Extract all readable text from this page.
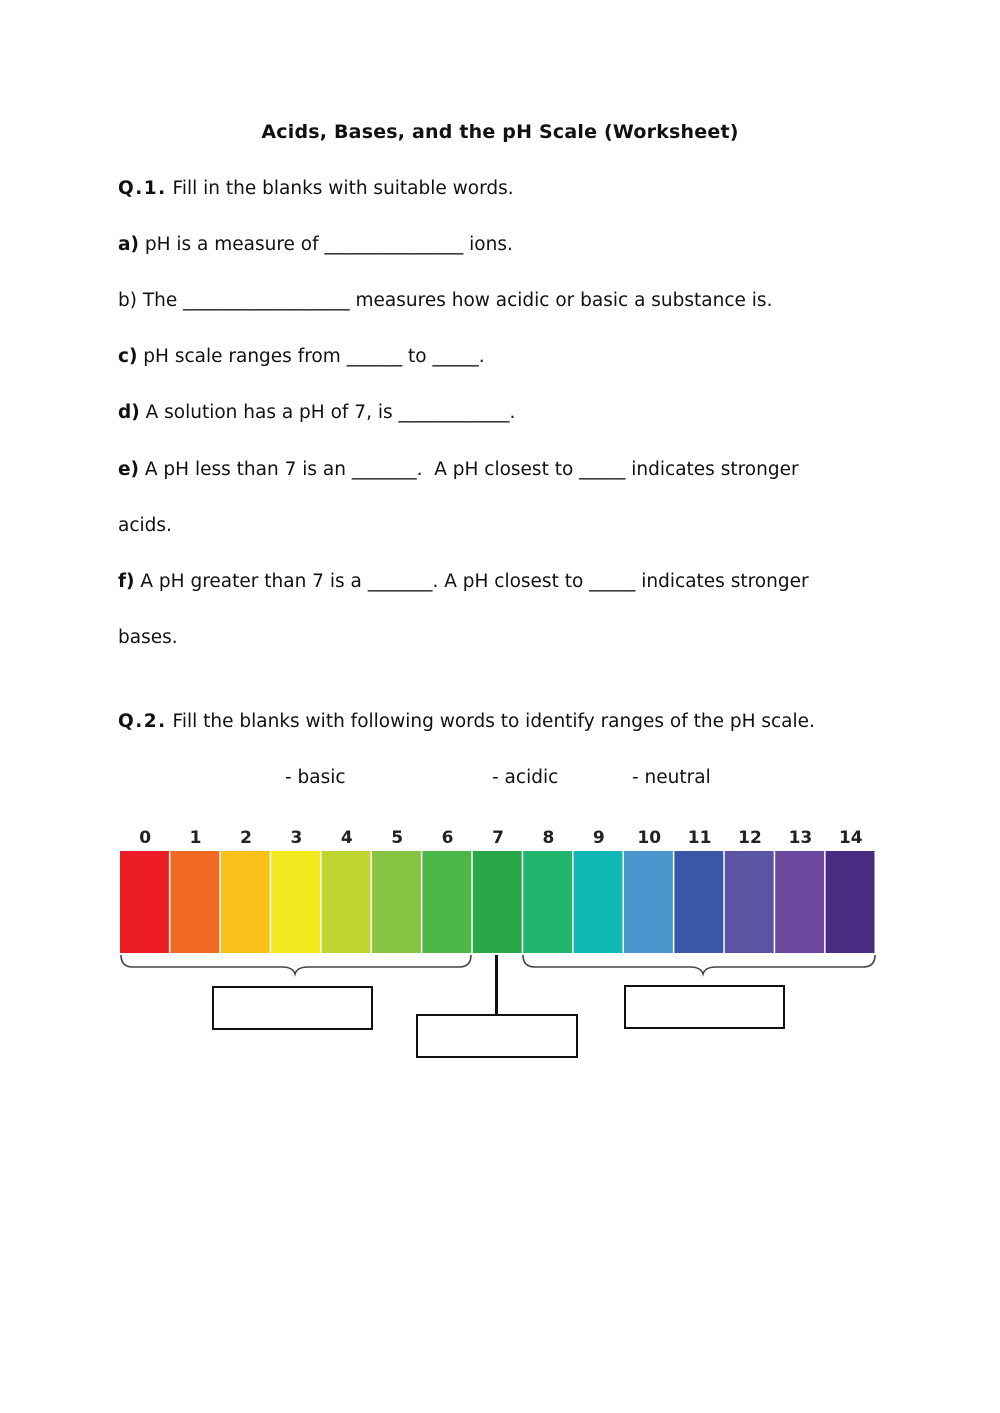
Acids, Bases, and the pH Scale (Worksheet)
Q.1. Fill in the blanks with suitable words.
a) pH is a measure of _______________ ions.
b) The __________________ measures how acidic or basic a substance is.
c) pH scale ranges from ______ to _____.
d) A solution has a pH of 7, is ____________.
e) A pH less than 7 is an _______.  A pH closest to _____ indicates stronger
acids.
f) A pH greater than 7 is a _______. A pH closest to _____ indicates stronger
bases.
Q.2. Fill the blanks with following words to identify ranges of the pH scale.
- basic	- acidic	- neutral
0 1 2 3 4 5 6 7 8 9 10 11 12 13 14
